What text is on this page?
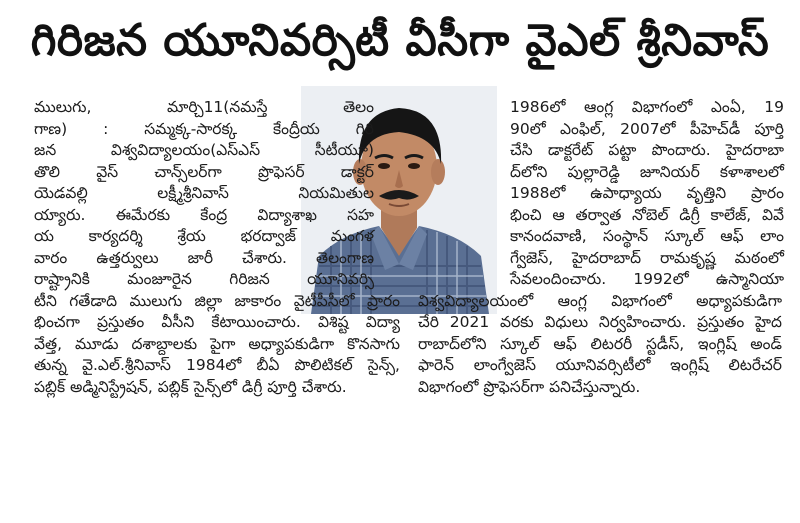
గిరిజన యూనివర్సిటీ వీసీగా వైఎల్ శ్రీనివాస్
ములుగు, మార్చి11(నమస్తే తెలం
గాణ) : సమ్మక్క-సారక్క కేంద్రీయ గిరి
జన విశ్వవిద్యాలయం(ఎస్ఎస్ సీటీయూ)
తొలి వైస్ చాన్స్‌లర్‌గా ప్రొఫెసర్ డాక్టర్
యెడవల్లి లక్ష్మీశ్రీనివాస్ నియమితుల
య్యారు. ఈమేరకు కేంద్ర విద్యాశాఖ సహ
య కార్యదర్శి శ్రేయ భరద్వాజ్ మంగళ
వారం ఉత్తర్వులు జారీ చేశారు. తెలంగాణ
రాష్ట్రానికి మంజూరైన గిరిజన యూనివర్సి
టీని గతేడాది ములుగు జిల్లా జాకారం వైటీపీసీలో ప్రారం
భించగా ప్రస్తుతం వీసీని కేటాయించారు. విశిష్ట విద్యా
వేత్త, మూడు దశాబ్దాలకు పైగా అధ్యాపకుడిగా కొనసాగు
తున్న వై.ఎల్.శ్రీనివాస్ 1984లో బీఏ పొలిటికల్ సైన్స్,
పబ్లిక్ అడ్మినిస్ట్రేషన్, పబ్లిక్ సైన్స్‌లో డిగ్రీ పూర్తి చేశారు.
1986లో ఆంగ్ల విభాగంలో ఎంఏ, 19
90లో ఎంఫిల్, 2007లో పీహెచ్‌డీ పూర్తి
చేసి డాక్టరేట్ పట్టా పొందారు. హైదరాబా
ద్‌లోని పుల్లారెడ్డి జూనియర్ కళాశాలలో
1988లో ఉపాధ్యాయ వృత్తిని ప్రారం
భించి ఆ తర్వాత నోబెల్ డిగ్రీ కాలేజ్, వివే
కానందవాణి, సంస్థాన్ స్కూల్ ఆఫ్ లాం
గ్వేజెస్, హైదరాబాద్ రామకృష్ణ మఠంలో
సేవలందించారు. 1992లో ఉస్మానియా
విశ్వవిద్యాలయంలో ఆంగ్ల విభాగంలో అధ్యాపకుడిగా
చేరి 2021 వరకు విధులు నిర్వహించారు. ప్రస్తుతం హైద
రాబాద్‌లోని స్కూల్ ఆఫ్ లిటరరీ స్టడీస్, ఇంగ్లిష్ అండ్
ఫారెన్ లాంగ్వేజెస్ యూనివర్సిటీలో ఇంగ్లిష్ లిటరేచర్
విభాగంలో ప్రొఫెసర్‌గా పనిచేస్తున్నారు.
